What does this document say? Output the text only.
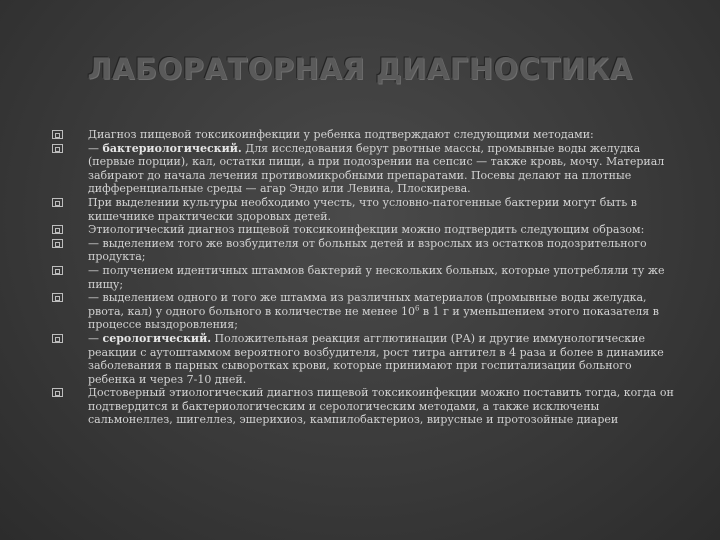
ЛАБОРАТОРНАЯ ДИАГНОСТИКА
Диагноз пищевой токсикоинфекции у ребенка подтверждают следующими методами:
— бактериологический. Для исследования берут рвотные массы, промывные воды желудка (первые порции), кал, остатки пищи, а при подозрении на сепсис — также кровь, мочу. Материал забирают до начала лечения противомикробными препаратами. Посевы делают на плотные дифференциальные среды — агар Эндо или Левина, Плоскирева.
При выделении культуры необходимо учесть, что условно-патогенные бактерии могут быть в кишечнике практически здоровых детей.
Этиологический диагноз пищевой токсикоинфекции можно подтвердить следующим образом:
— выделением того же возбудителя от больных детей и взрослых из остатков подозрительного продукта;
— получением идентичных штаммов бактерий у нескольких больных, которые употребляли ту же пищу;
— выделением одного и того же штамма из различных материалов (промывные воды желудка, рвота, кал) у одного больного в количестве не менее $10^6$ в 1 г и уменьшением этого показателя в процессе выздоровления;
— серологический. Положительная реакция агглютинации (РА) и другие иммунологические реакции с аутоштаммом вероятного возбудителя, рост титра антител в 4 раза и более в динамике заболевания в парных сыворотках крови, которые принимают при госпитализации больного ребенка и через 7-10 дней.
Достоверный этиологический диагноз пищевой токсикоинфекции можно поставить тогда, когда он подтвердится и бактериологическим и серологическим методами, а также исключены сальмонеллез, шигеллез, эшерихиоз, кампилобактериоз, вирусные и протозойные диареи
